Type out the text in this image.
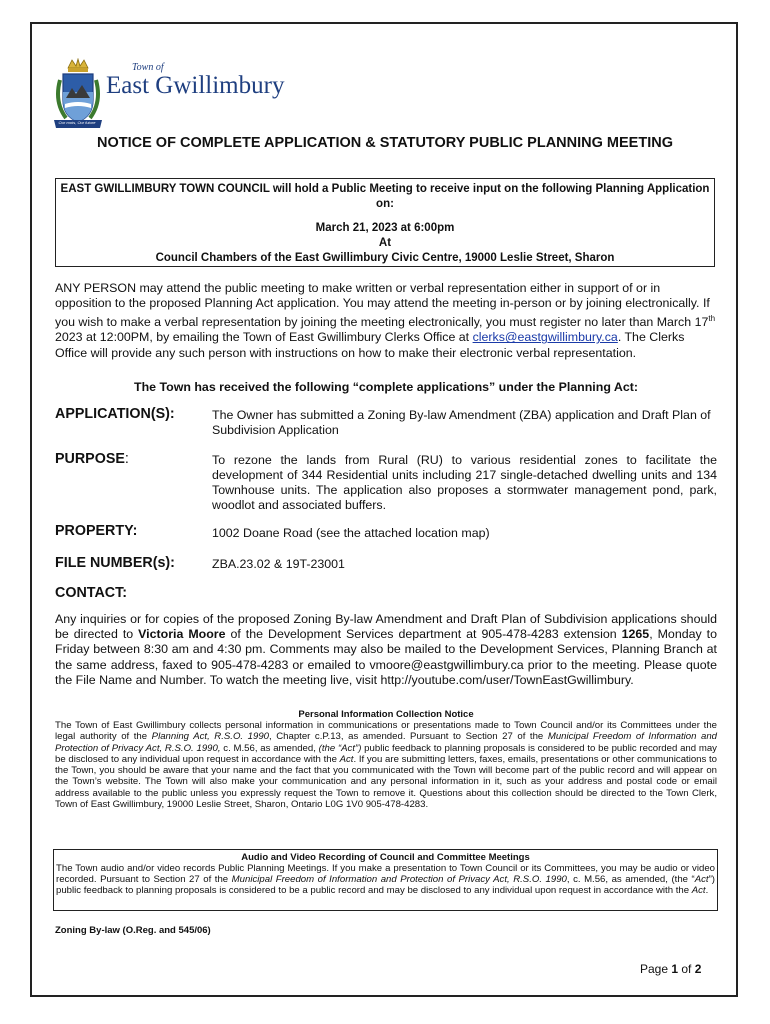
Our roots, Our future
Town of
East Gwillimbury
NOTICE OF COMPLETE APPLICATION & STATUTORY PUBLIC PLANNING MEETING
EAST GWILLIMBURY TOWN COUNCIL will hold a Public Meeting to receive input on the following Planning Application on:
March 21, 2023 at 6:00pm
At
Council Chambers of the East Gwillimbury Civic Centre, 19000 Leslie Street, Sharon
ANY PERSON may attend the public meeting to make written or verbal representation either in support of or in opposition to the proposed Planning Act application. You may attend the meeting in-person or by joining electronically. If you wish to make a verbal representation by joining the meeting electronically, you must register no later than March 17th 2023 at 12:00PM, by emailing the Town of East Gwillimbury Clerks Office at clerks@eastgwillimbury.ca. The Clerks Office will provide any such person with instructions on how to make their electronic verbal representation.
The Town has received the following “complete applications” under the Planning Act:
APPLICATION(S):	The Owner has submitted a Zoning By-law Amendment (ZBA) application and Draft Plan of Subdivision Application
PURPOSE:	To rezone the lands from Rural (RU) to various residential zones to facilitate the development of 344 Residential units including 217 single-detached dwelling units and 134 Townhouse units. The application also proposes a stormwater management pond, park, woodlot and associated buffers.
PROPERTY:	1002 Doane Road (see the attached location map)
FILE NUMBER(s):	ZBA.23.02 & 19T-23001
CONTACT:
Any inquiries or for copies of the proposed Zoning By-law Amendment and Draft Plan of Subdivision applications should be directed to Victoria Moore of the Development Services department at 905-478-4283 extension 1265, Monday to Friday between 8:30 am and 4:30 pm. Comments may also be mailed to the Development Services, Planning Branch at the same address, faxed to 905-478-4283 or emailed to vmoore@eastgwillimbury.ca prior to the meeting. Please quote the File Name and Number. To watch the meeting live, visit http://youtube.com/user/TownEastGwillimbury.
Personal Information Collection Notice
The Town of East Gwillimbury collects personal information in communications or presentations made to Town Council and/or its Committees under the legal authority of the Planning Act, R.S.O. 1990, Chapter c.P.13, as amended. Pursuant to Section 27 of the Municipal Freedom of Information and Protection of Privacy Act, R.S.O. 1990, c. M.56, as amended, (the “Act”) public feedback to planning proposals is considered to be public recorded and may be disclosed to any individual upon request in accordance with the Act. If you are submitting letters, faxes, emails, presentations or other communications to the Town, you should be aware that your name and the fact that you communicated with the Town will become part of the public record and will appear on the Town’s website. The Town will also make your communication and any personal information in it, such as your address and postal code or email address available to the public unless you expressly request the Town to remove it. Questions about this collection should be directed to the Town Clerk, Town of East Gwillimbury, 19000 Leslie Street, Sharon, Ontario L0G 1V0 905-478-4283.
Audio and Video Recording of Council and Committee Meetings
The Town audio and/or video records Public Planning Meetings. If you make a presentation to Town Council or its Committees, you may be audio or video recorded. Pursuant to Section 27 of the Municipal Freedom of Information and Protection of Privacy Act, R.S.O. 1990, c. M.56, as amended, (the “Act”) public feedback to planning proposals is considered to be a public record and may be disclosed to any individual upon request in accordance with the Act.
Zoning By-law (O.Reg. and 545/06)
Page 1 of 2
